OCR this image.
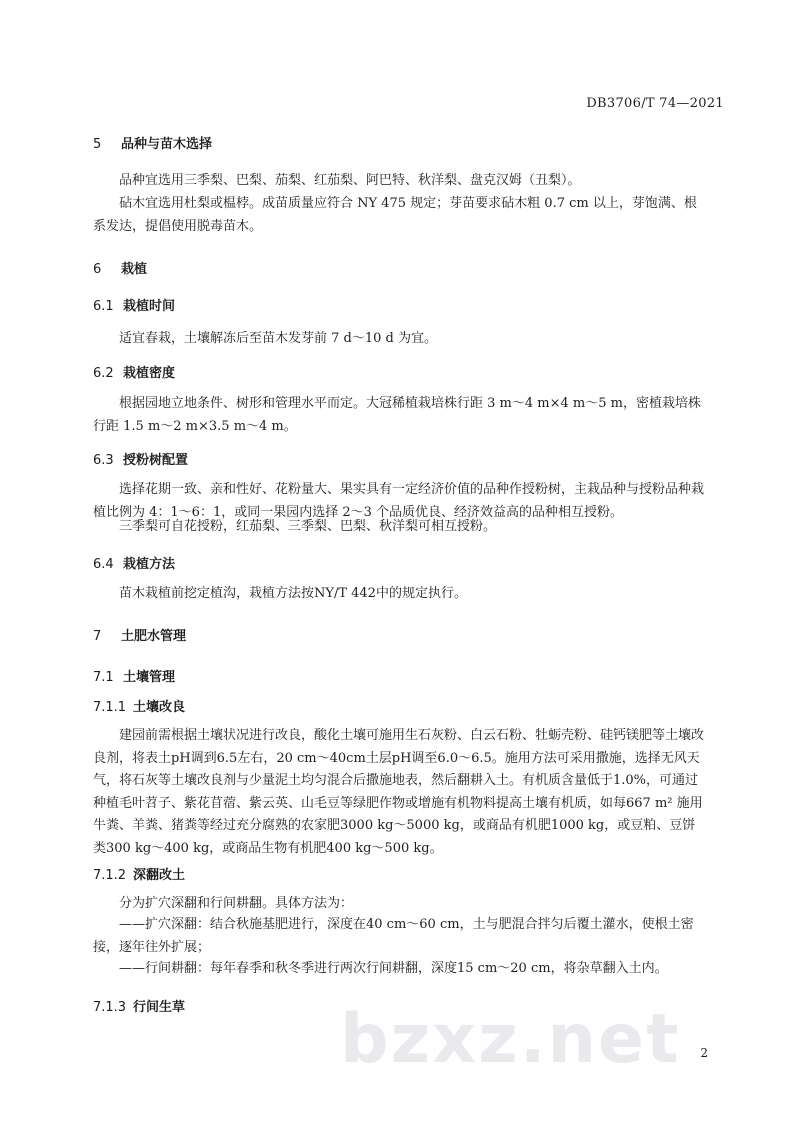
DB3706/T 74—2021
5 品种与苗木选择
品种宜选用三季梨、巴梨、茄梨、红茄梨、阿巴特、秋洋梨、盘克汉姆（丑梨）。
砧木宜选用杜梨或榅桲。成苗质量应符合 NY 475 规定；芽苗要求砧木粗 0.7 cm 以上，芽饱满、根系发达，提倡使用脱毒苗木。
6 栽植
6.1 栽植时间
适宜春栽，土壤解冻后至苗木发芽前 7 d～10 d 为宜。
6.2 栽植密度
根据园地立地条件、树形和管理水平而定。大冠稀植栽培株行距 3 m～4 m×4 m～5 m，密植栽培株行距 1.5 m～2 m×3.5 m～4 m。
6.3 授粉树配置
选择花期一致、亲和性好、花粉量大、果实具有一定经济价值的品种作授粉树，主栽品种与授粉品种栽植比例为 4：1～6：1，或同一果园内选择 2～3 个品质优良、经济效益高的品种相互授粉。
三季梨可自花授粉，红茄梨、三季梨、巴梨、秋洋梨可相互授粉。
6.4 栽植方法
苗木栽植前挖定植沟，栽植方法按NY/T 442中的规定执行。
7 土肥水管理
7.1 土壤管理
7.1.1 土壤改良
建园前需根据土壤状况进行改良，酸化土壤可施用生石灰粉、白云石粉、牡蛎壳粉、硅钙镁肥等土壤改良剂，将表土pH调到6.5左右，20 cm～40cm土层pH调至6.0～6.5。施用方法可采用撒施，选择无风天气，将石灰等土壤改良剂与少量泥土均匀混合后撒施地表，然后翻耕入土。有机质含量低于1.0%，可通过种植毛叶苕子、紫花苜蓿、紫云英、山毛豆等绿肥作物或增施有机物料提高土壤有机质，如每667 m² 施用牛粪、羊粪、猪粪等经过充分腐熟的农家肥3000 kg～5000 kg，或商品有机肥1000 kg，或豆粕、豆饼类300 kg～400 kg，或商品生物有机肥400 kg～500 kg。
7.1.2 深翻改土
分为扩穴深翻和行间耕翻。具体方法为：
——扩穴深翻：结合秋施基肥进行，深度在40 cm～60 cm，土与肥混合拌匀后覆土灌水，使根土密接，逐年往外扩展；
——行间耕翻：每年春季和秋冬季进行两次行间耕翻，深度15 cm～20 cm，将杂草翻入土内。
7.1.3 行间生草 bzxz.net 2
